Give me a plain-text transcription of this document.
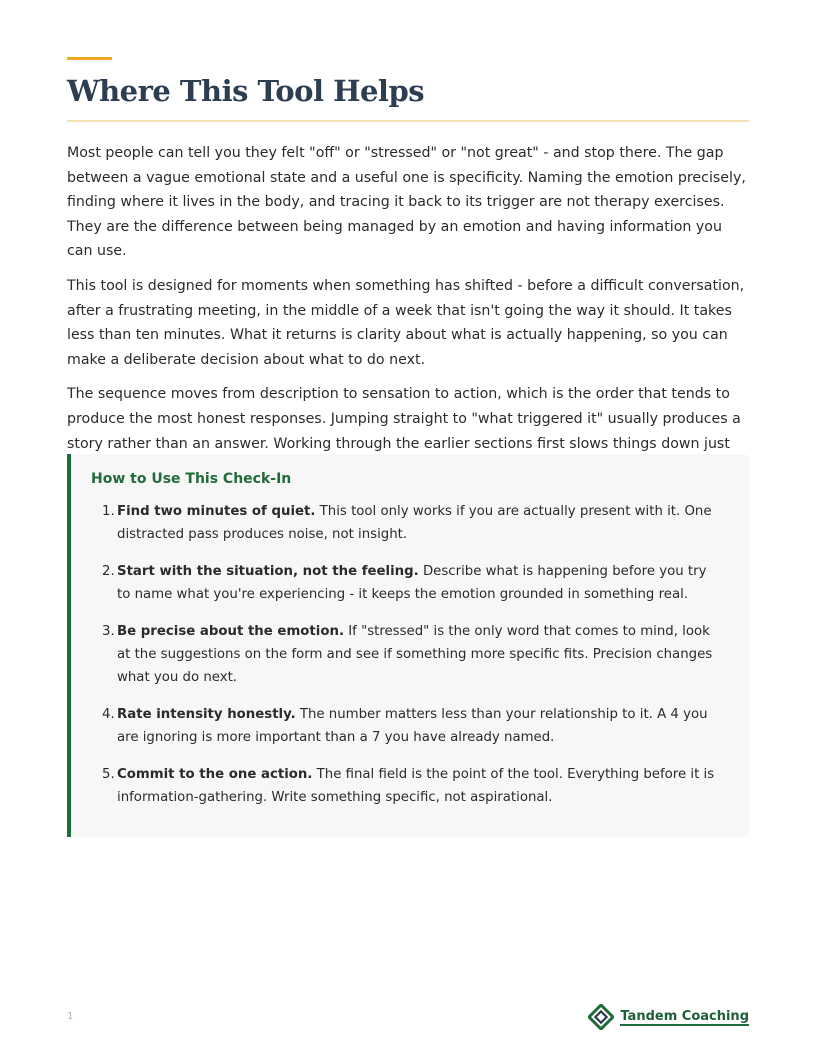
Where This Tool Helps

Most people can tell you they felt "off" or "stressed" or "not great" - and stop there. The gap between a vague emotional state and a useful one is specificity. Naming the emotion precisely, finding where it lives in the body, and tracing it back to its trigger are not therapy exercises. They are the difference between being managed by an emotion and having information you can use.

This tool is designed for moments when something has shifted - before a difficult conversation, after a frustrating meeting, in the middle of a week that isn't going the way it should. It takes less than ten minutes. What it returns is clarity about what is actually happening, so you can make a deliberate decision about what to do next.

The sequence moves from description to sensation to action, which is the order that tends to produce the most honest responses. Jumping straight to "what triggered it" usually produces a story rather than an answer. Working through the earlier sections first slows things down just

How to Use This Check-In
1. Find two minutes of quiet. This tool only works if you are actually present with it. One distracted pass produces noise, not insight.
2. Start with the situation, not the feeling. Describe what is happening before you try to name what you're experiencing - it keeps the emotion grounded in something real.
3. Be precise about the emotion. If "stressed" is the only word that comes to mind, look at the suggestions on the form and see if something more specific fits. Precision changes what you do next.
4. Rate intensity honestly. The number matters less than your relationship to it. A 4 you are ignoring is more important than a 7 you have already named.
5. Commit to the one action. The final field is the point of the tool. Everything before it is information-gathering. Write something specific, not aspirational.
1	Tandem Coaching
